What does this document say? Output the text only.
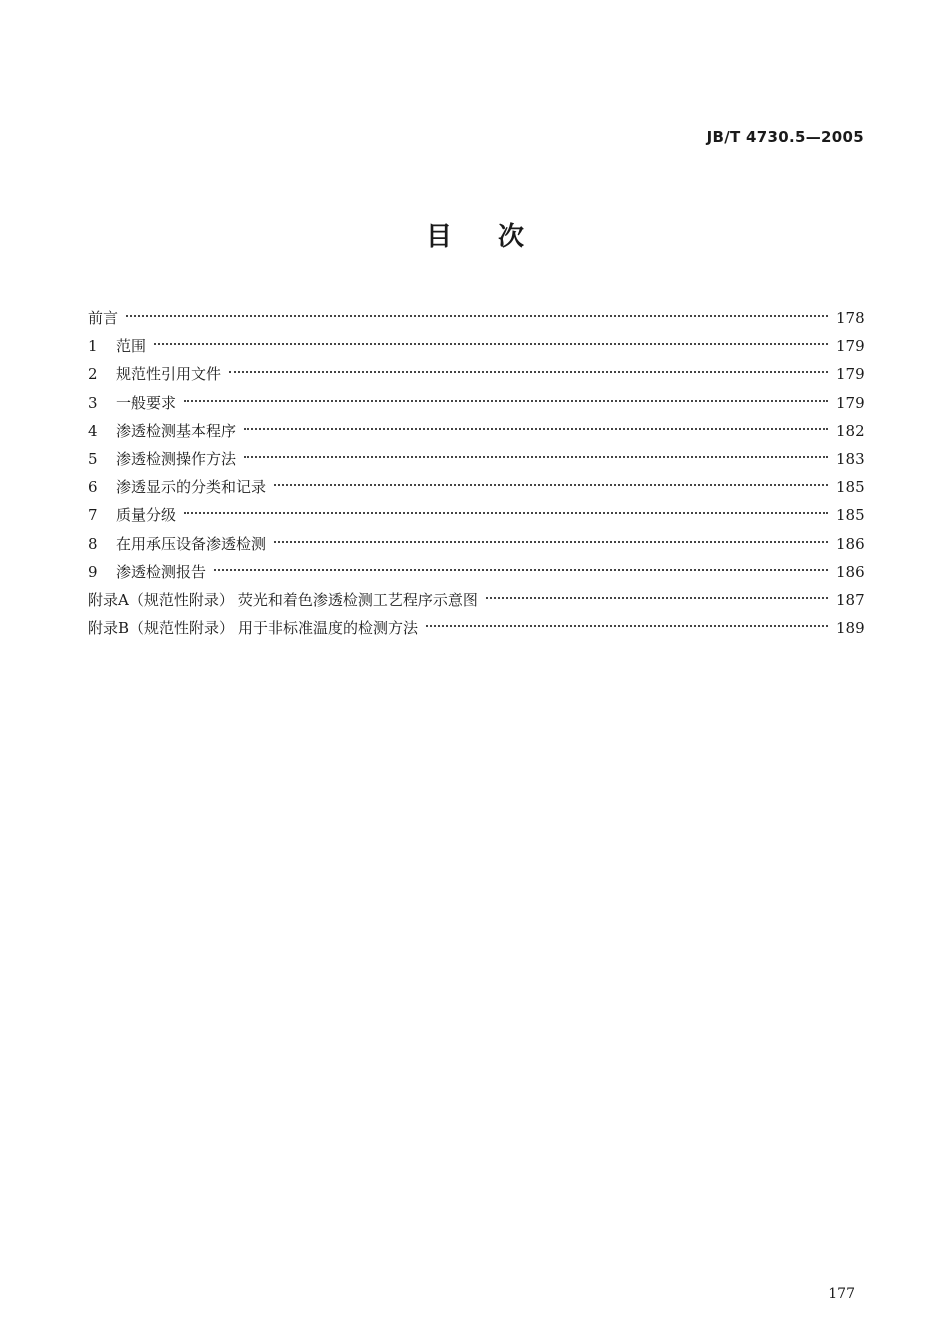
JB/T 4730.5—2005
目次
前言	178
1	范围	179
2	规范性引用文件	179
3	一般要求	179
4	渗透检测基本程序	182
5	渗透检测操作方法	183
6	渗透显示的分类和记录	185
7	质量分级	185
8	在用承压设备渗透检测	186
9	渗透检测报告	186
附录A（规范性附录） 荧光和着色渗透检测工艺程序示意图	187
附录B（规范性附录） 用于非标准温度的检测方法	189
177
